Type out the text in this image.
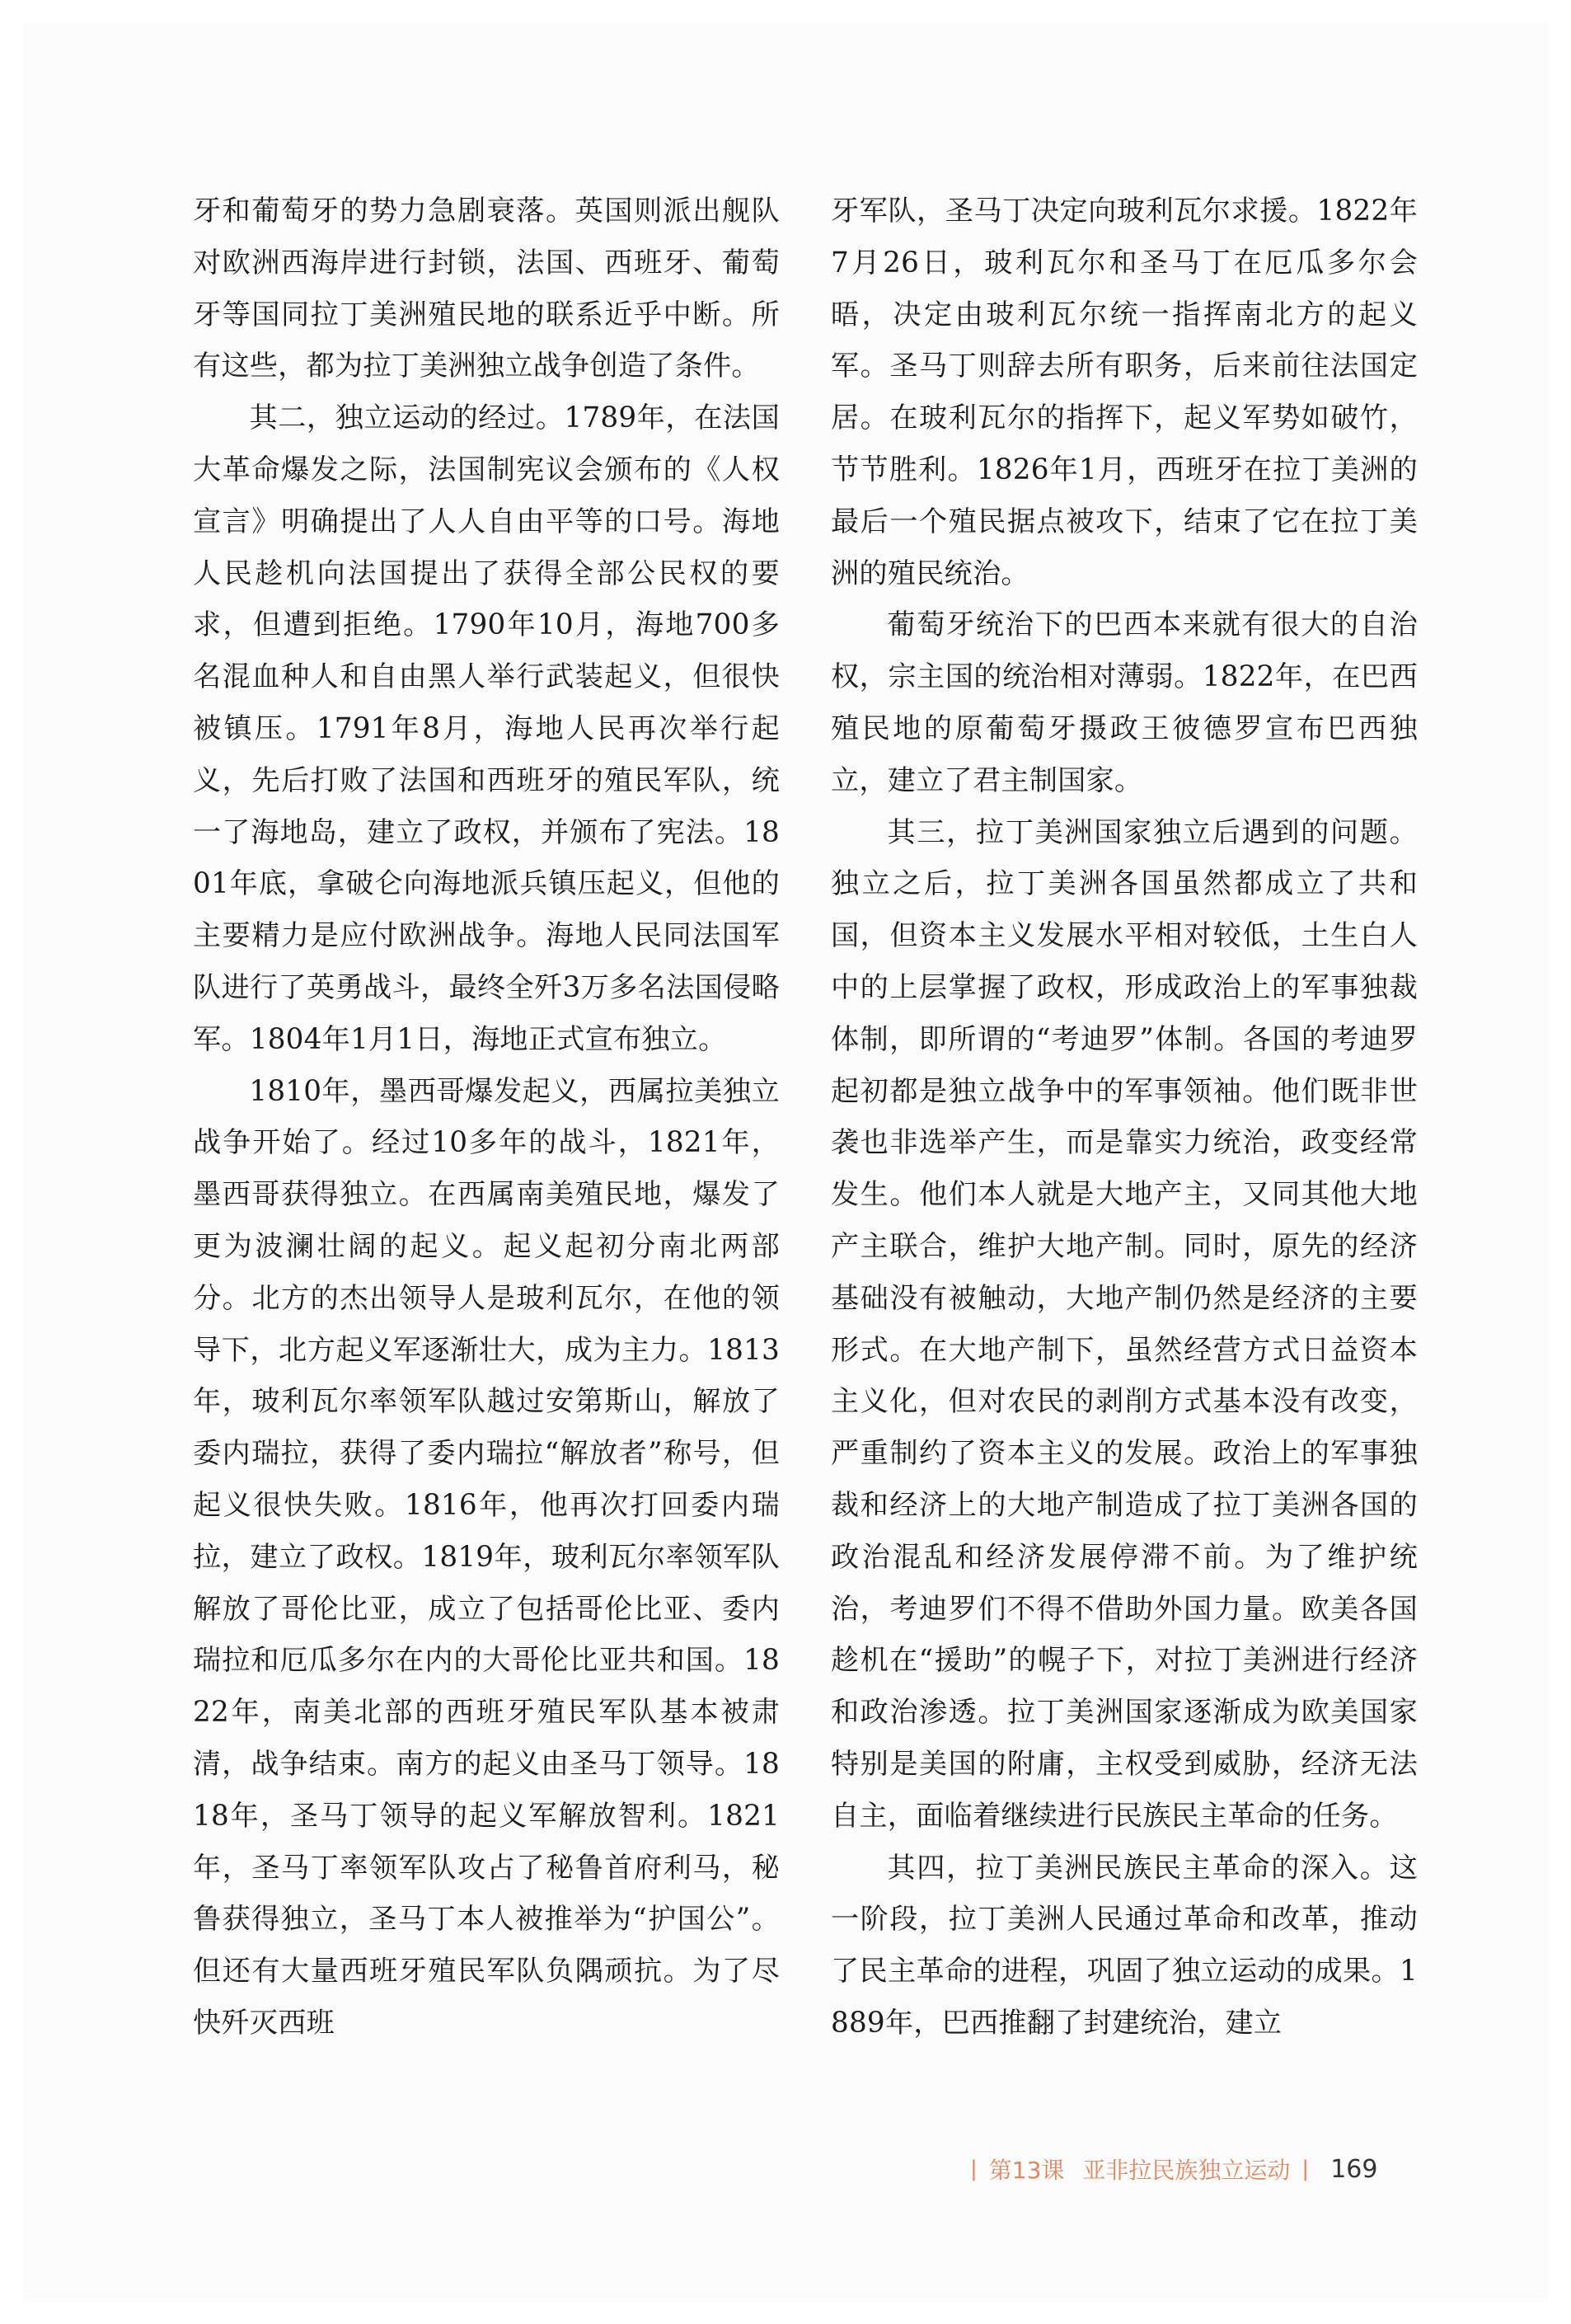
牙和葡萄牙的势力急剧衰落。英国则派出舰队对欧洲西海岸进行封锁，法国、西班牙、葡萄牙等国同拉丁美洲殖民地的联系近乎中断。所有这些，都为拉丁美洲独立战争创造了条件。

其二，独立运动的经过。1789年，在法国大革命爆发之际，法国制宪议会颁布的《人权宣言》明确提出了人人自由平等的口号。海地人民趁机向法国提出了获得全部公民权的要求，但遭到拒绝。1790年10月，海地700多名混血种人和自由黑人举行武装起义，但很快被镇压。1791年8月，海地人民再次举行起义，先后打败了法国和西班牙的殖民军队，统一了海地岛，建立了政权，并颁布了宪法。1801年底，拿破仑向海地派兵镇压起义，但他的主要精力是应付欧洲战争。海地人民同法国军队进行了英勇战斗，最终全歼3万多名法国侵略军。1804年1月1日，海地正式宣布独立。

1810年，墨西哥爆发起义，西属拉美独立战争开始了。经过10多年的战斗，1821年，墨西哥获得独立。在西属南美殖民地，爆发了更为波澜壮阔的起义。起义起初分南北两部分。北方的杰出领导人是玻利瓦尔，在他的领导下，北方起义军逐渐壮大，成为主力。1813年，玻利瓦尔率领军队越过安第斯山，解放了委内瑞拉，获得了委内瑞拉“解放者”称号，但起义很快失败。1816年，他再次打回委内瑞拉，建立了政权。1819年，玻利瓦尔率领军队解放了哥伦比亚，成立了包括哥伦比亚、委内瑞拉和厄瓜多尔在内的大哥伦比亚共和国。1822年，南美北部的西班牙殖民军队基本被肃清，战争结束。南方的起义由圣马丁领导。1818年，圣马丁领导的起义军解放智利。1821年，圣马丁率领军队攻占了秘鲁首府利马，秘鲁获得独立，圣马丁本人被推举为“护国公”。但还有大量西班牙殖民军队负隅顽抗。为了尽快歼灭西班

牙军队，圣马丁决定向玻利瓦尔求援。1822年7月26日，玻利瓦尔和圣马丁在厄瓜多尔会晤，决定由玻利瓦尔统一指挥南北方的起义军。圣马丁则辞去所有职务，后来前往法国定居。在玻利瓦尔的指挥下，起义军势如破竹，节节胜利。1826年1月，西班牙在拉丁美洲的最后一个殖民据点被攻下，结束了它在拉丁美洲的殖民统治。

葡萄牙统治下的巴西本来就有很大的自治权，宗主国的统治相对薄弱。1822年，在巴西殖民地的原葡萄牙摄政王彼德罗宣布巴西独立，建立了君主制国家。

其三，拉丁美洲国家独立后遇到的问题。独立之后，拉丁美洲各国虽然都成立了共和国，但资本主义发展水平相对较低，土生白人中的上层掌握了政权，形成政治上的军事独裁体制，即所谓的“考迪罗”体制。各国的考迪罗起初都是独立战争中的军事领袖。他们既非世袭也非选举产生，而是靠实力统治，政变经常发生。他们本人就是大地产主，又同其他大地产主联合，维护大地产制。同时，原先的经济基础没有被触动，大地产制仍然是经济的主要形式。在大地产制下，虽然经营方式日益资本主义化，但对农民的剥削方式基本没有改变，严重制约了资本主义的发展。政治上的军事独裁和经济上的大地产制造成了拉丁美洲各国的政治混乱和经济发展停滞不前。为了维护统治，考迪罗们不得不借助外国力量。欧美各国趁机在“援助”的幌子下，对拉丁美洲进行经济和政治渗透。拉丁美洲国家逐渐成为欧美国家特别是美国的附庸，主权受到威胁，经济无法自主，面临着继续进行民族民主革命的任务。

其四，拉丁美洲民族民主革命的深入。这一阶段，拉丁美洲人民通过革命和改革，推动了民主革命的进程，巩固了独立运动的成果。1889年，巴西推翻了封建统治，建立

| 第13课 亚非拉民族独立运动 | 169
